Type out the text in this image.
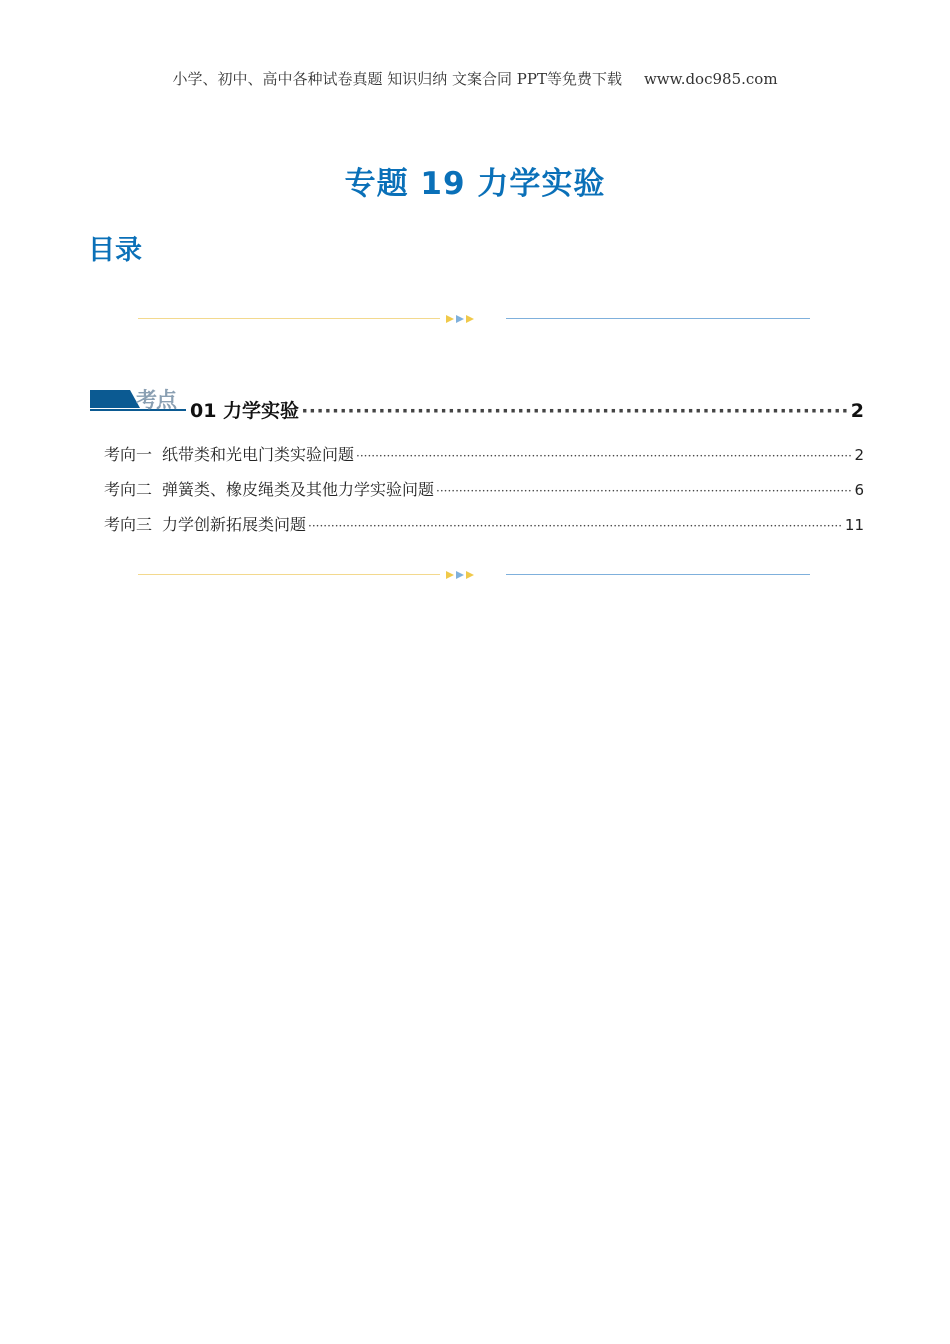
小学、初中、高中各种试卷真题 知识归纳 文案合同 PPT等免费下载 www.doc985.com
专题 19 力学实验
目录
考点 01 力学实验 ·····	2
考向一 纸带类和光电门类实验问题 ·····	2
考向二 弹簧类、橡皮绳类及其他力学实验问题 ·····	6
考向三 力学创新拓展类问题 ·····	11
